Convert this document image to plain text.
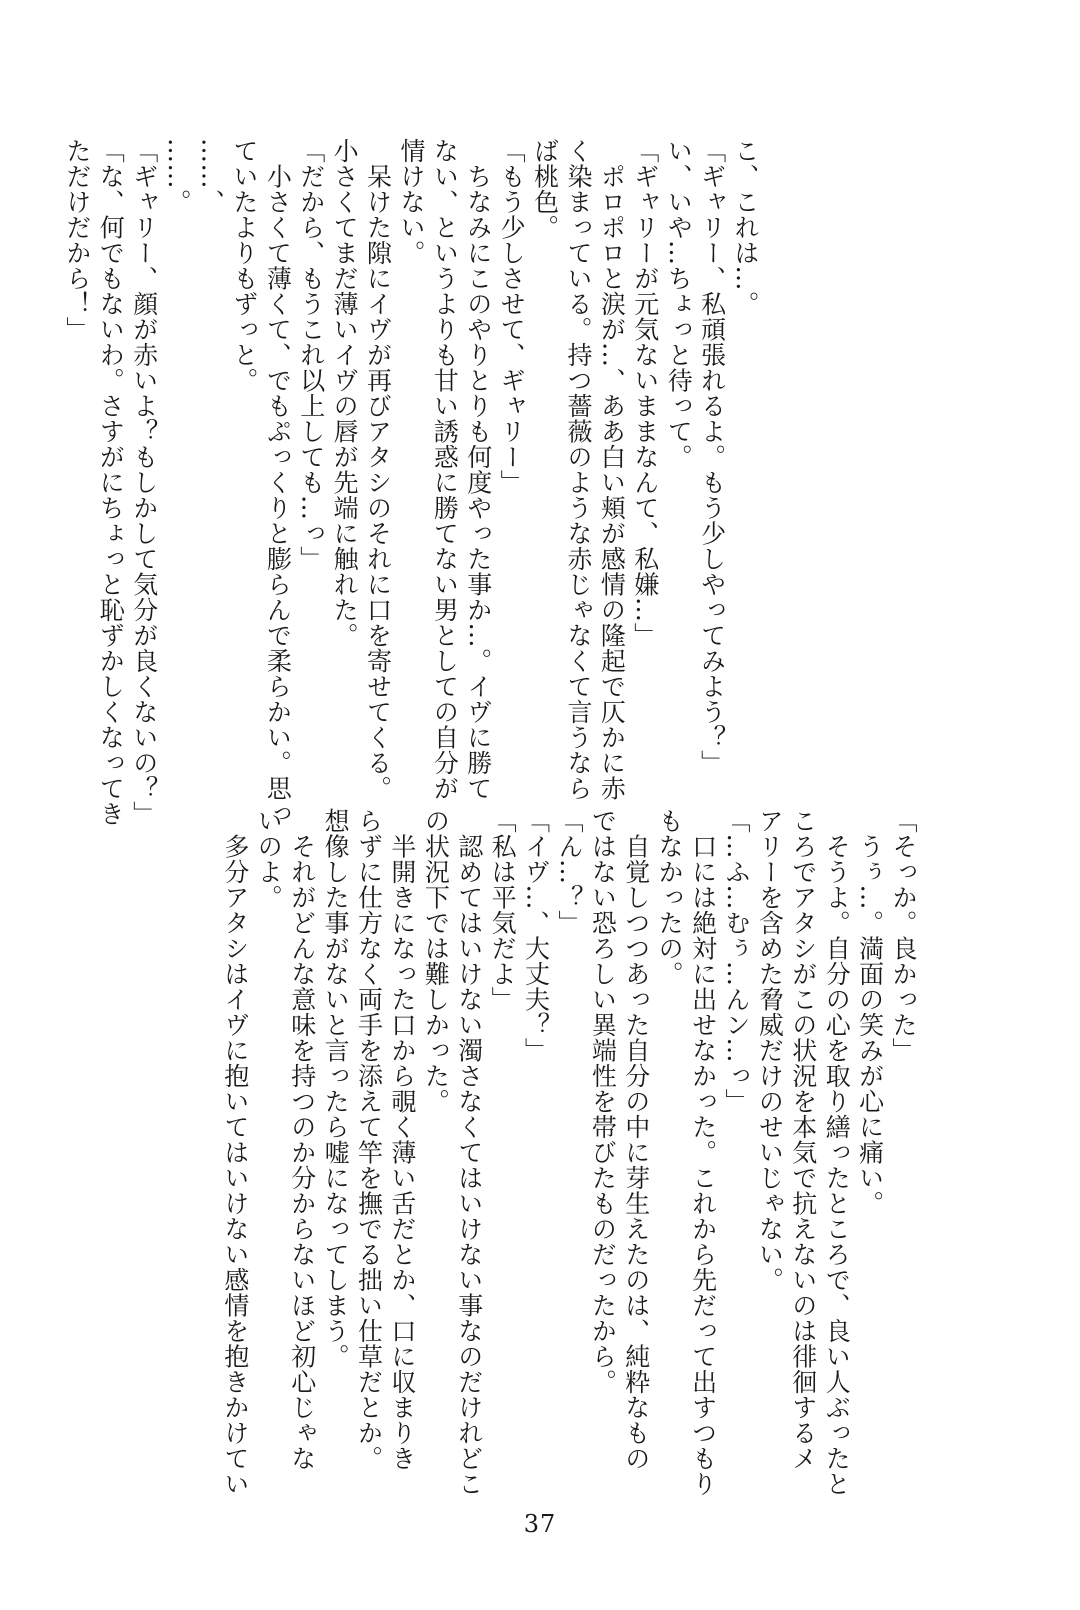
こ、これは…。
「ギャリー、私頑張れるよ。もう少しやってみよう？」
い、いや…ちょっと待って。
「ギャリーが元気ないままなんて、私嫌…」
　ポロポロと涙が…、ああ白い頬が感情の隆起で仄かに赤
く染まっている。持つ薔薇のような赤じゃなくて言うなら
ば桃色。
「もう少しさせて、ギャリー」
　ちなみにこのやりとりも何度やった事か…。イヴに勝て
ない、というよりも甘い誘惑に勝てない男としての自分が
情けない。
　呆けた隙にイヴが再びアタシのそれに口を寄せてくる。
小さくてまだ薄いイヴの唇が先端に触れた。
「だから、もうこれ以上しても…っ」
　小さくて薄くて、でもぷっくりと膨らんで柔らかい。思っ
ていたよりもずっと。
……、
……。
「ギャリー、顔が赤いよ？もしかして気分が良くないの？」
「な、何でもないわ。さすがにちょっと恥ずかしくなってき
ただけだから！」
「そっか。良かった」
　うぅ…。満面の笑みが心に痛い。
　そうよ。自分の心を取り繕ったところで、良い人ぶったと
ころでアタシがこの状況を本気で抗えないのは徘徊するメ
アリーを含めた脅威だけのせいじゃない。
「…ふ…むぅ…んン…っ」
　口には絶対に出せなかった。これから先だって出すつもり
もなかったの。
　自覚しつつあった自分の中に芽生えたのは、純粋なもの
ではない恐ろしい異端性を帯びたものだったから。
「ん…？」
「イヴ…、大丈夫？」
「私は平気だよ」
　認めてはいけない濁さなくてはいけない事なのだけれどこ
の状況下では難しかった。
　半開きになった口から覗く薄い舌だとか、口に収まりき
らずに仕方なく両手を添えて竿を撫でる拙い仕草だとか。
想像した事がないと言ったら嘘になってしまう。
　それがどんな意味を持つのか分からないほど初心じゃな
いのよ。
　多分アタシはイヴに抱いてはいけない感情を抱きかけてい
37
